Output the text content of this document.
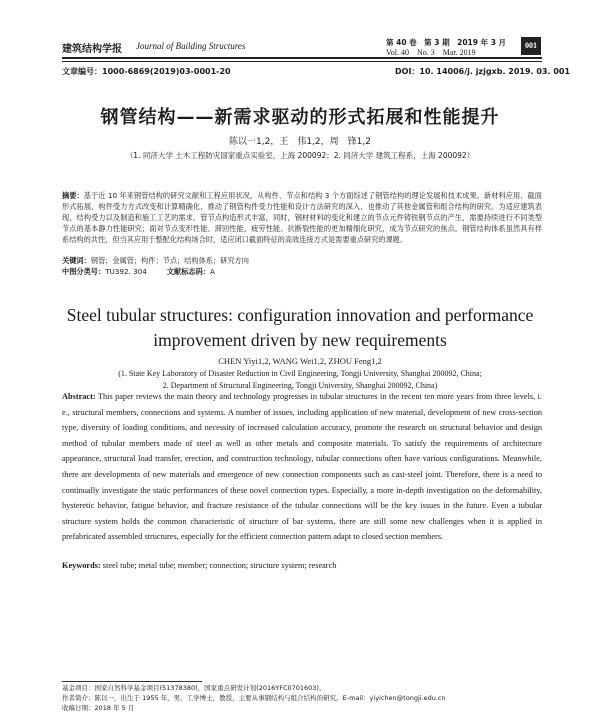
建筑结构学报 Journal of Building Structures	第 40 卷　第 3 期　2019 年 3 月
Vol. 40　No. 3　Mar. 2019
001
文章编号：1000-6869(2019)03-0001-20	DOI：10. 14006/j. jzjgxb. 2019. 03. 001
钢管结构——新需求驱动的形式拓展和性能提升
陈以一1,2，王　伟1,2，周　锋1,2
（1. 同济大学 土木工程防灾国家重点实验室，上海 200092；2. 同济大学 建筑工程系，上海 200092）
摘要：基于近 10 年来钢管结构的研究文献和工程应用状况，从构件、节点和结构 3 个方面综述了钢管结构的理论发展和技术成果。新材料应用、截面形式拓展、构件受力方式改变和计算精确化，推动了钢管构件受力性能和设计方法研究的深入，也推动了其他金属管和组合结构的研究。为适应建筑表现、结构受力以及制造和施工工艺的需求，管节点构造形式丰富，同时，钢材材料的变化和建立的节点元件铸铁钢节点的产生，需要持续进行不同类型节点的基本静力性能研究；面对节点变形性能、滞回性能、疲劳性能、抗断裂性能的更加精细化研究，成为节点研究的焦点。钢管结构体系虽然具有样系结构的共性，但当其应用于整配化结构场合时，适应闭口截面特征的高效连接方式是需要重点研究的课题。
关键词：钢管；金属管；构件；节点；结构体系；研究方向
中图分类号：TU392. 304	文献标志码：A
Steel tubular structures: configuration innovation and performance
improvement driven by new requirements
CHEN Yiyi1,2, WANG Wei1,2, ZHOU Feng1,2
(1. State Key Laboratory of Disaster Reduction in Civil Engineering, Tongji University, Shanghai 200092, China;
2. Department of Structural Engineering, Tongji University, Shanghai 200092, China)
Abstract: This paper reviews the main theory and technology progresses in tubular structures in the recent ten more years from three levels, i. e., structural members, connections and systems. A number of issues, including application of new material, development of new cross-section type, diversity of loading conditions, and necessity of increased calculation accuracy, promote the research on structural behavior and design method of tubular members made of steel as well as other metals and composite materials. To satisfy the requirements of architecture appearance, structural load transfer, erection, and construction technology, tubular connections often have various configurations. Meanwhile, there are developments of new materials and emergence of new connection components such as cast-steel joint. Therefore, there is a need to continually investigate the static performances of these novel connection types. Especially, a more in-depth investigation on the deformability, hysteretic behavior, fatigue behavior, and fracture resistance of the tubular connections will be the key issues in the future. Even a tubular structure system holds the common characteristic of structure of bar systems, there are still some new challenges when it is applied in prefabricated assembled structures, especially for the efficient connection pattern adapt to closed section members.
Keywords: steel tube; metal tube; member; connection; structure system; research
基金项目：国家自然科学基金项目(51378380)，国家重点研发计划(2016YFC0701603)。
作者简介：陈以一，出生于 1955 年，男，工学博士，教授，主要从事钢结构与组合结构的研究。E-mail：yiyichen@tongji.edu.cn
收稿日期：2018 年 5 月
